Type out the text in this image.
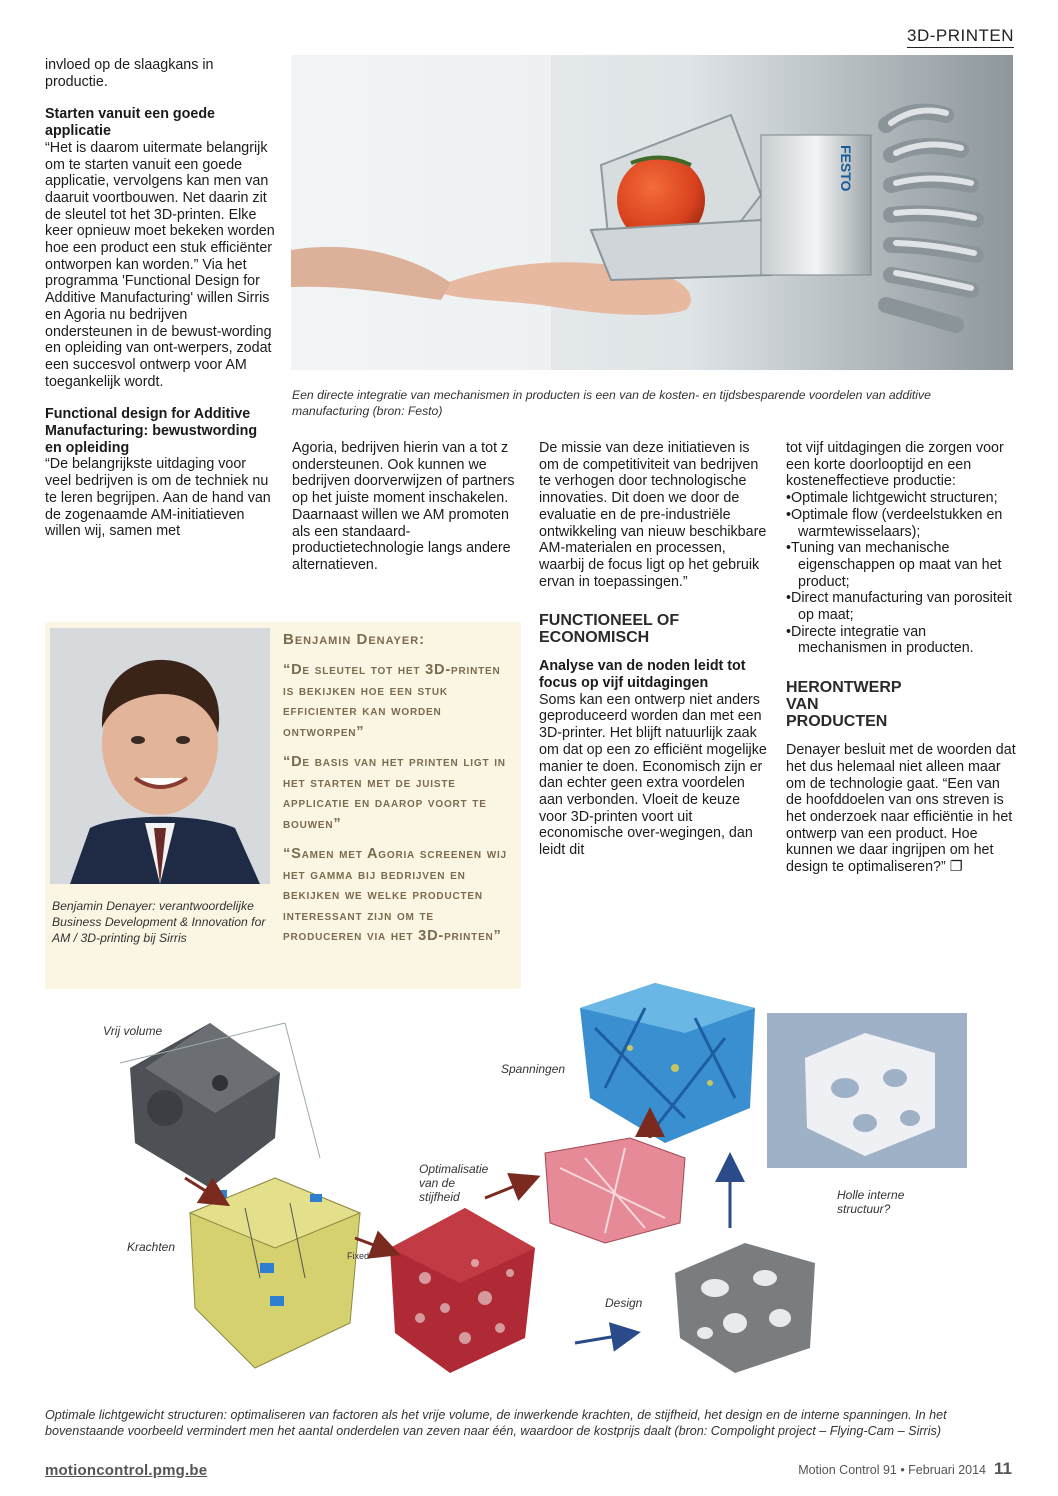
3D-PRINTEN

invloed op de slaagkans in productie.

Starten vanuit een goede applicatie

“Het is daarom uitermate belangrijk om te starten vanuit een goede applicatie, vervolgens kan men van daaruit voortbouwen. Net daarin zit de sleutel tot het 3D-printen. Elke keer opnieuw moet bekeken worden hoe een product een stuk efficiënter ontworpen kan worden.” Via het programma 'Functional Design for Additive Manufacturing' willen Sirris en Agoria nu bedrijven ondersteunen in de bewust-wording en opleiding van ont-werpers, zodat een succesvol ontwerp voor AM toegankelijk wordt.

Functional design for Additive Manufacturing: bewustwording en opleiding

“De belangrijkste uitdaging voor veel bedrijven is om de techniek nu te leren begrijpen. Aan de hand van de zogenaamde AM-initiatieven willen wij, samen met

FESTO
Een directe integratie van mechanismen in producten is een van de kosten- en tijdsbesparende voordelen van additive manufacturing (bron: Festo)

Agoria, bedrijven hierin van a tot z ondersteunen. Ook kunnen we bedrijven doorverwijzen of partners op het juiste moment inschakelen. Daarnaast willen we AM promoten als een standaard-productietechnologie langs andere alternatieven.

De missie van deze initiatieven is om de competitiviteit van bedrijven te verhogen door technologische innovaties. Dit doen we door de evaluatie en de pre-industriële ontwikkeling van nieuw beschikbare AM-materialen en processen, waarbij de focus ligt op het gebruik ervan in toepassingen.”

FUNCTIONEEL OF ECONOMISCH

Analyse van de noden leidt tot focus op vijf uitdagingen

Soms kan een ontwerp niet anders geproduceerd worden dan met een 3D-printer. Het blijft natuurlijk zaak om dat op een zo efficiënt mogelijke manier te doen. Economisch zijn er dan echter geen extra voordelen aan verbonden. Vloeit de keuze voor 3D-printen voort uit economische over-wegingen, dan leidt dit

tot vijf uitdagingen die zorgen voor een korte doorlooptijd en een kosteneffectieve productie:

•Optimale lichtgewicht structuren;

•Optimale flow (verdeelstukken en warmtewisselaars);

•Tuning van mechanische eigenschappen op maat van het product;

•Direct manufacturing van porositeit op maat;

•Directe integratie van mechanismen in producten.

HERONTWERP VAN PRODUCTEN

Denayer besluit met de woorden dat het dus helemaal niet alleen maar om de technologie gaat. “Een van de hoofddoelen van ons streven is het onderzoek naar efficiëntie in het ontwerp van een product. Hoe kunnen we daar ingrijpen om het design te optimaliseren?” ❐

Benjamin Denayer: verantwoordelijke Business Development & Innovation for AM / 3D-printing bij Sirris

Benjamin Denayer:

“De sleutel tot het 3D-printen is bekijken hoe een stuk efficienter kan worden ontworpen”

“De basis van het printen ligt in het starten met de juiste applicatie en daarop voort te bouwen”

“Samen met Agoria screenen wij het gamma bij bedrijven en bekijken we welke producten interessant zijn om te produceren via het 3D-printen”

Vrij volume
Krachten
Optimalisatie van de stijfheid
Spanningen
Design
Holle interne structuur?
Fixed
Optimale lichtgewicht structuren: optimaliseren van factoren als het vrije volume, de inwerkende krachten, de stijfheid, het design en de interne spanningen. In het bovenstaande voorbeeld vermindert men het aantal onderdelen van zeven naar één, waardoor de kostprijs daalt (bron: Compolight project – Flying-Cam – Sirris)
motioncontrol.pmg.be	Motion Control 91 • Februari 2014 11
